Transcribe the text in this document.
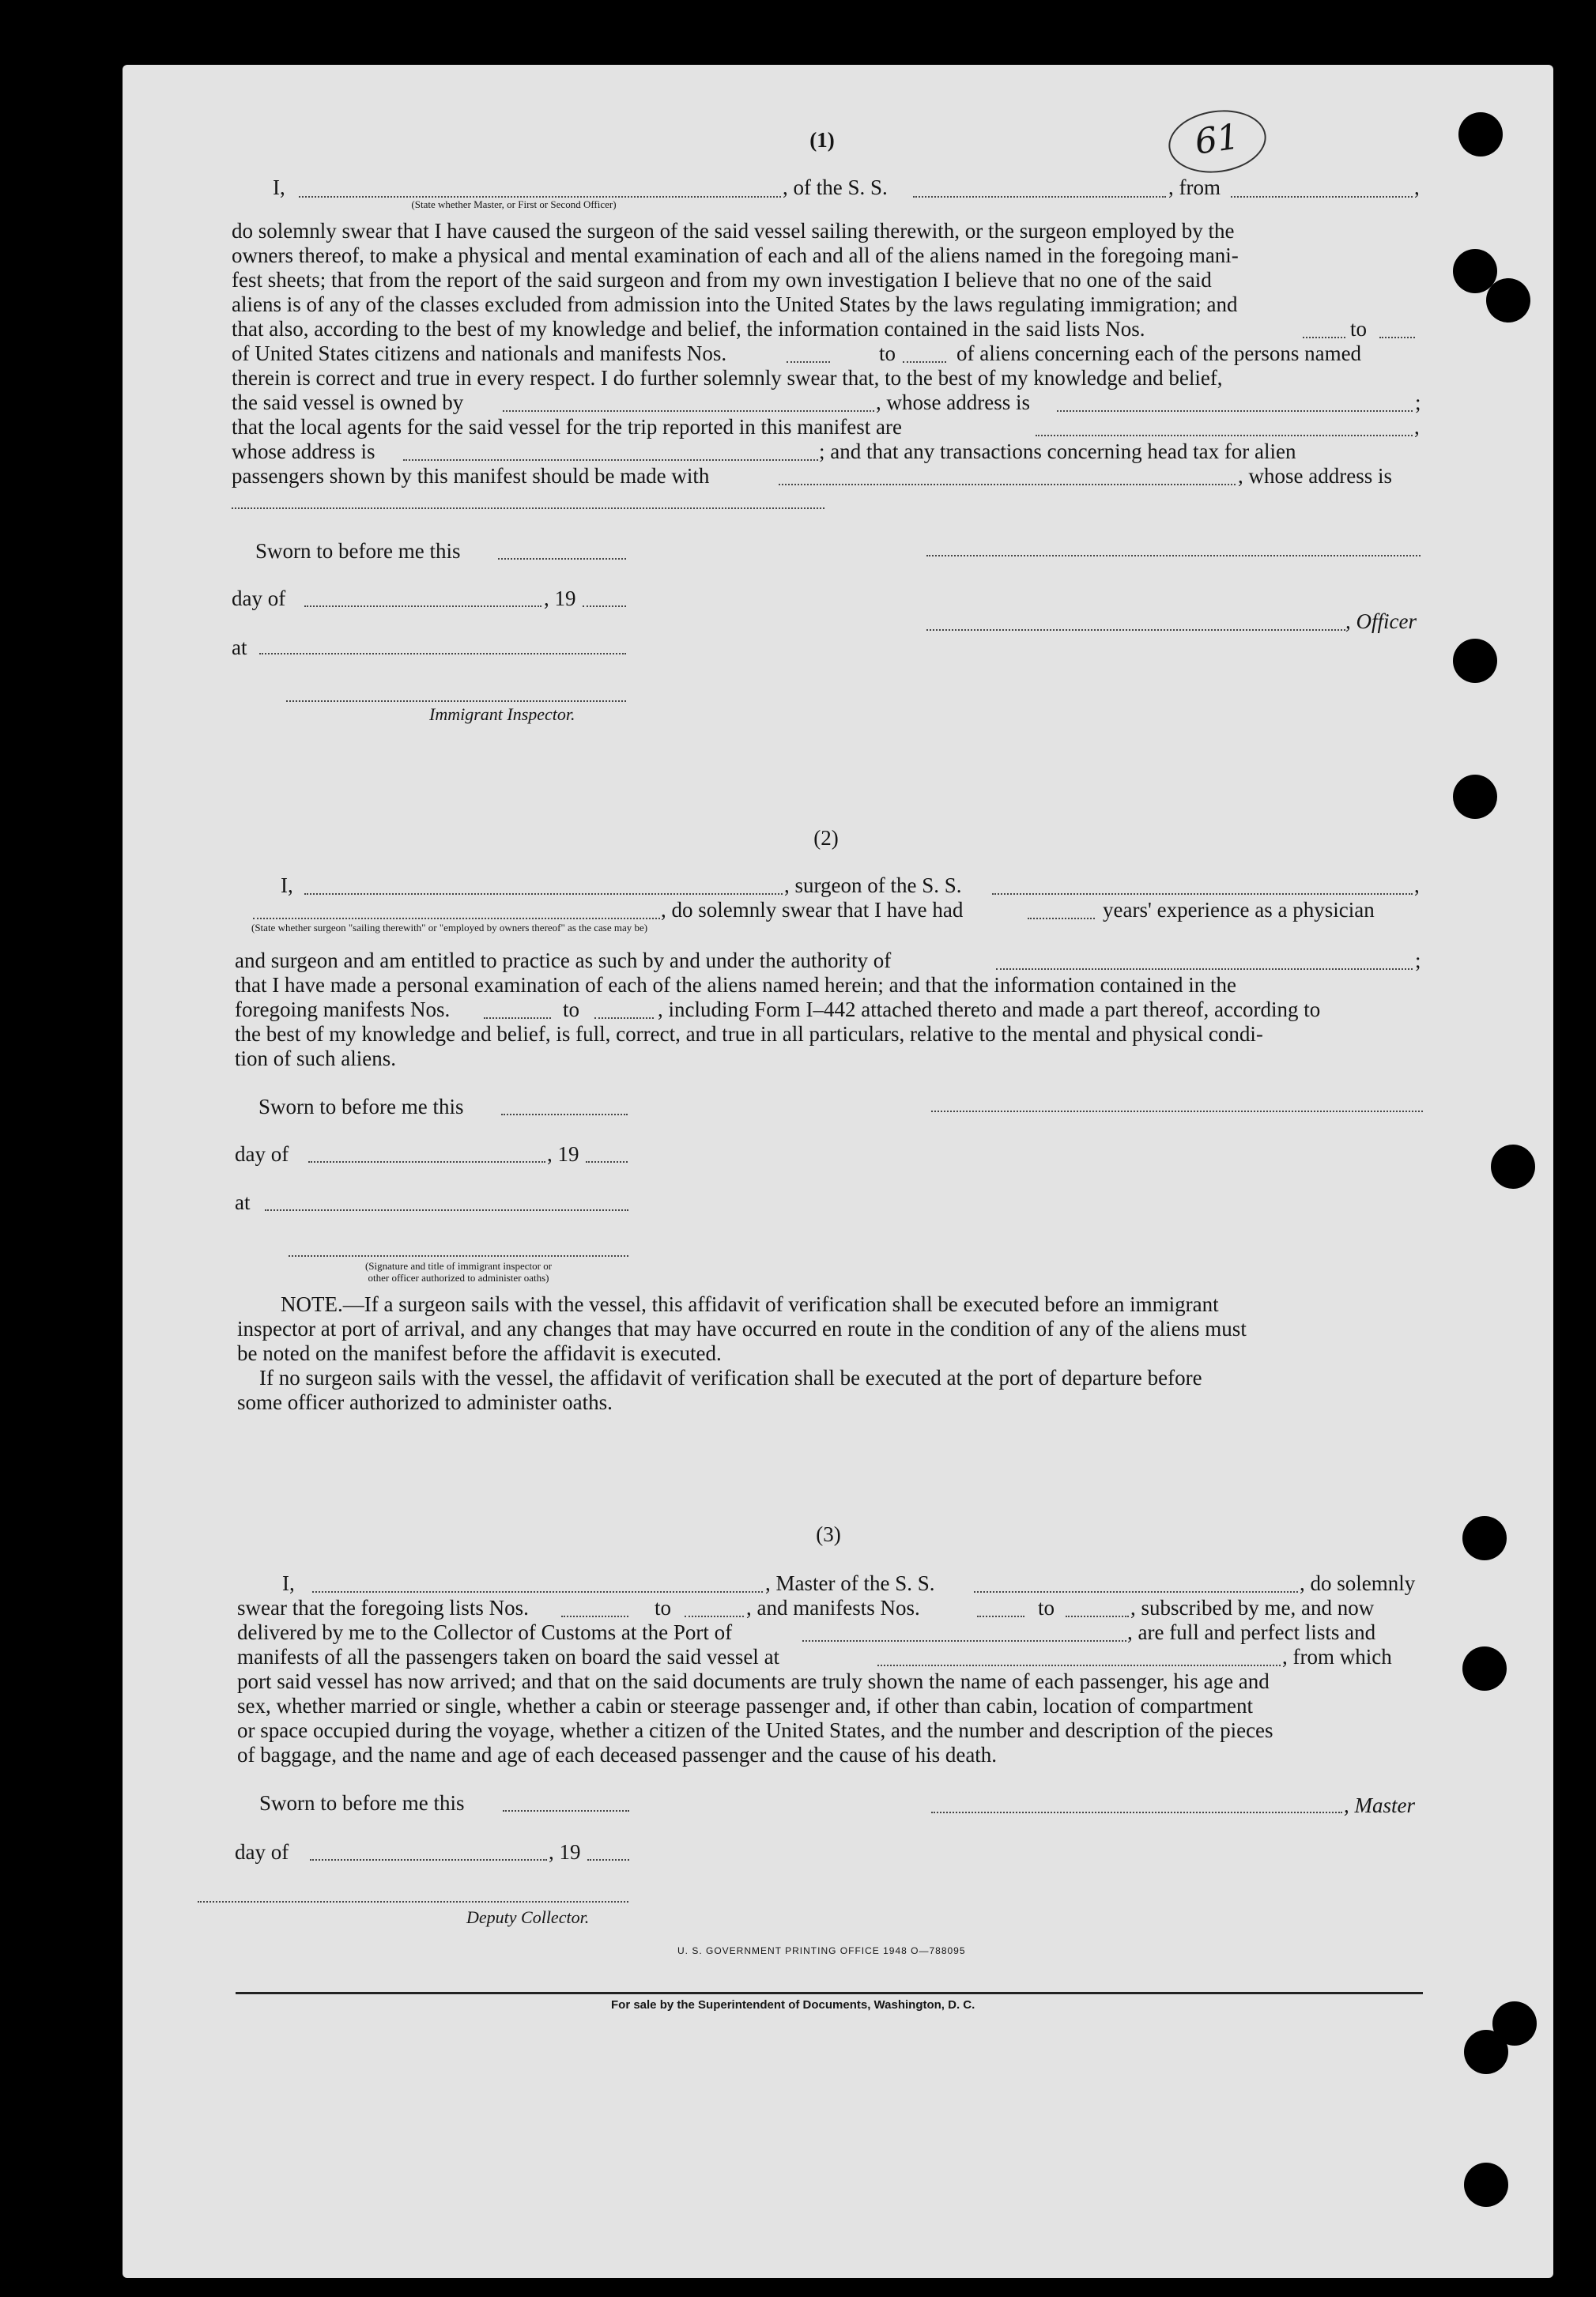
61
(1)
I,	, of the S. S.	, from	,
(State whether Master, or First or Second Officer)
do solemnly swear that I have caused the surgeon of the said vessel sailing therewith, or the surgeon employed by the
owners thereof, to make a physical and mental examination of each and all of the aliens named in the foregoing mani-
fest sheets; that from the report of the said surgeon and from my own investigation I believe that no one of the said
aliens is of any of the classes excluded from admission into the United States by the laws regulating immigration; and
that also, according to the best of my knowledge and belief, the information contained in the said lists Nos.	to
of United States citizens and nationals and manifests Nos.	to	of aliens concerning each of the persons named
therein is correct and true in every respect. I do further solemnly swear that, to the best of my knowledge and belief,
the said vessel is owned by	, whose address is	;
that the local agents for the said vessel for the trip reported in this manifest are	,
whose address is	; and that any transactions concerning head tax for alien
passengers shown by this manifest should be made with	, whose address is
Sworn to before me this
day of	, 19
, Officer
at
Immigrant Inspector.
(2)
I,	, surgeon of the S. S.	,
, do solemnly swear that I have had	years' experience as a physician
(State whether surgeon "sailing therewith" or "employed by owners thereof" as the case may be)
and surgeon and am entitled to practice as such by and under the authority of	;
that I have made a personal examination of each of the aliens named herein; and that the information contained in the
foregoing manifests Nos.	to	, including Form I–442 attached thereto and made a part thereof, according to
the best of my knowledge and belief, is full, correct, and true in all particulars, relative to the mental and physical condi-
tion of such aliens.
Sworn to before me this
day of	, 19
at
(Signature and title of immigrant inspector or
other officer authorized to administer oaths)
NOTE.—If a surgeon sails with the vessel, this affidavit of verification shall be executed before an immigrant
inspector at port of arrival, and any changes that may have occurred en route in the condition of any of the aliens must
be noted on the manifest before the affidavit is executed.
If no surgeon sails with the vessel, the affidavit of verification shall be executed at the port of departure before
some officer authorized to administer oaths.
(3)
I,	, Master of the S. S.	, do solemnly
swear that the foregoing lists Nos.	to	, and manifests Nos.	to	, subscribed by me, and now
delivered by me to the Collector of Customs at the Port of	, are full and perfect lists and
manifests of all the passengers taken on board the said vessel at	, from which
port said vessel has now arrived; and that on the said documents are truly shown the name of each passenger, his age and
sex, whether married or single, whether a cabin or steerage passenger and, if other than cabin, location of compartment
or space occupied during the voyage, whether a citizen of the United States, and the number and description of the pieces
of baggage, and the name and age of each deceased passenger and the cause of his death.
Sworn to before me this	, Master
day of	, 19
Deputy Collector.
U. S. GOVERNMENT PRINTING OFFICE 1948 O—788095
For sale by the Superintendent of Documents, Washington, D. C.
